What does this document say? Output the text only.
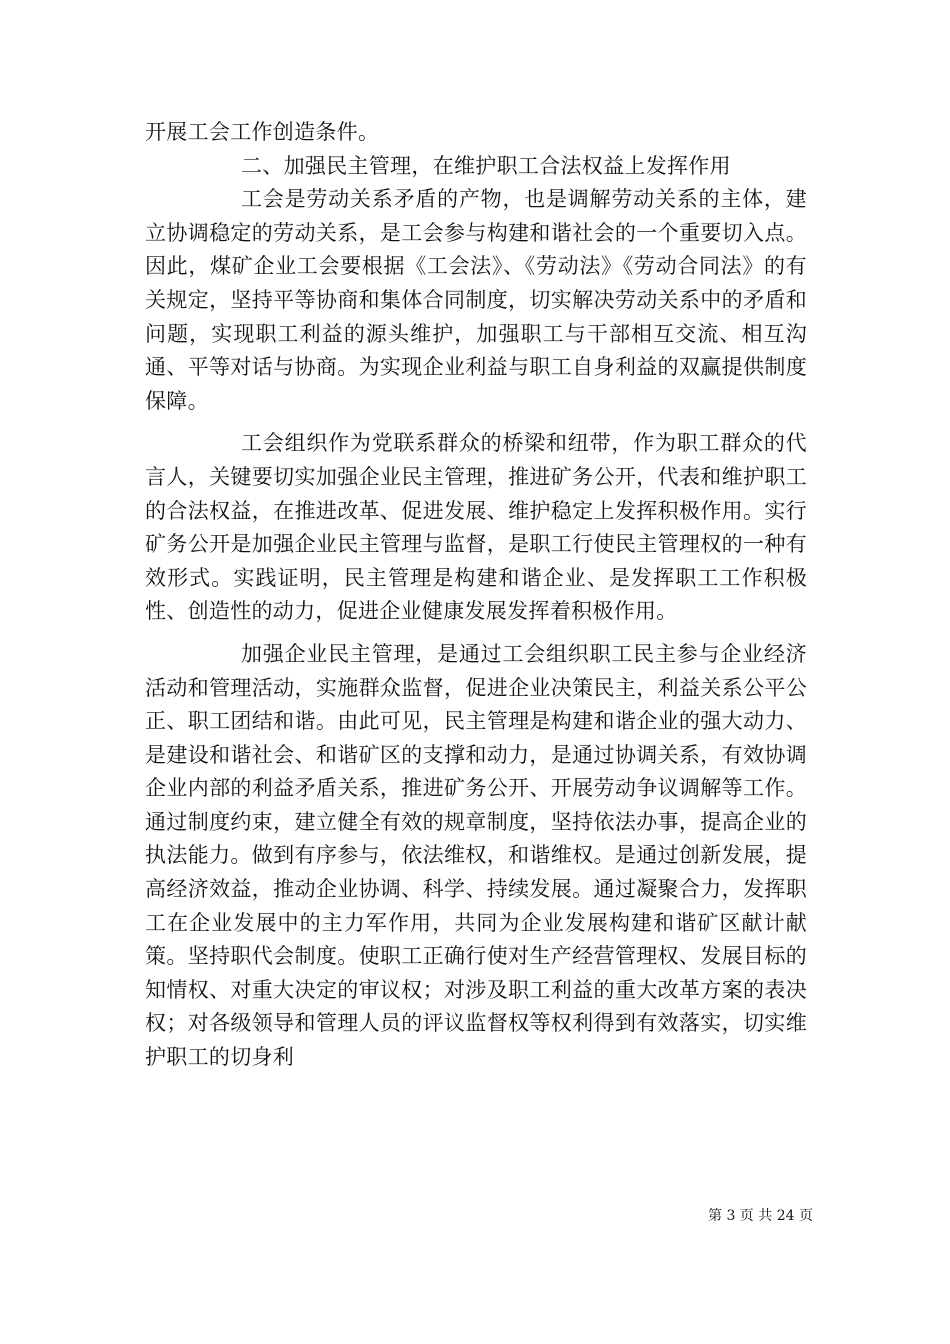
开展工会工作创造条件。

二、加强民主管理，在维护职工合法权益上发挥作用

工会是劳动关系矛盾的产物，也是调解劳动关系的主体，建立协调稳定的劳动关系，是工会参与构建和谐社会的一个重要切入点。因此，煤矿企业工会要根据《工会法》、《劳动法》《劳动合同法》的有关规定，坚持平等协商和集体合同制度，切实解决劳动关系中的矛盾和问题，实现职工利益的源头维护，加强职工与干部相互交流、相互沟通、平等对话与协商。为实现企业利益与职工自身利益的双赢提供制度保障。

工会组织作为党联系群众的桥梁和纽带，作为职工群众的代言人，关键要切实加强企业民主管理，推进矿务公开，代表和维护职工的合法权益，在推进改革、促进发展、维护稳定上发挥积极作用。实行矿务公开是加强企业民主管理与监督，是职工行使民主管理权的一种有效形式。实践证明，民主管理是构建和谐企业、是发挥职工工作积极性、创造性的动力，促进企业健康发展发挥着积极作用。

加强企业民主管理，是通过工会组织职工民主参与企业经济活动和管理活动，实施群众监督，促进企业决策民主，利益关系公平公正、职工团结和谐。由此可见，民主管理是构建和谐企业的强大动力、是建设和谐社会、和谐矿区的支撑和动力，是通过协调关系，有效协调企业内部的利益矛盾关系，推进矿务公开、开展劳动争议调解等工作。通过制度约束，建立健全有效的规章制度，坚持依法办事，提高企业的执法能力。做到有序参与，依法维权，和谐维权。是通过创新发展，提高经济效益，推动企业协调、科学、持续发展。通过凝聚合力，发挥职工在企业发展中的主力军作用，共同为企业发展构建和谐矿区献计献策。坚持职代会制度。使职工正确行使对生产经营管理权、发展目标的知情权、对重大决定的审议权；对涉及职工利益的重大改革方案的表决权；对各级领导和管理人员的评议监督权等权利得到有效落实，切实维护职工的切身利

第 3 页 共 24 页
